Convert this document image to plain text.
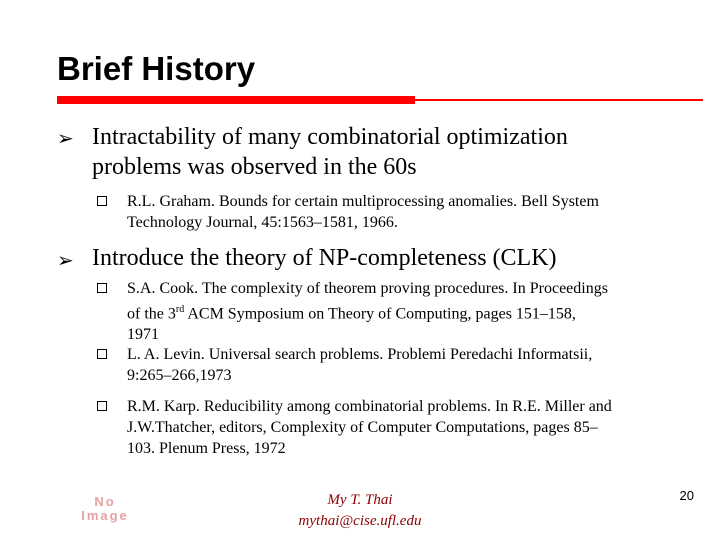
Brief History
➢ Intractability of many combinatorial optimization
problems was observed in the 60s
R.L. Graham. Bounds for certain multiprocessing anomalies. Bell System
Technology Journal, 45:1563–1581, 1966.
➢ Introduce the theory of NP-completeness (CLK)
S.A. Cook. The complexity of theorem proving procedures. In Proceedings
of the 3rd ACM Symposium on Theory of Computing, pages 151–158,
1971
L. A. Levin. Universal search problems. Problemi Peredachi Informatsii,
9:265–266,1973
R.M. Karp. Reducibility among combinatorial problems. In R.E. Miller and
J.W.Thatcher, editors, Complexity of Computer Computations, pages 85–
103. Plenum Press, 1972
No
Image
My T. Thai
mythai@cise.ufl.edu
20
